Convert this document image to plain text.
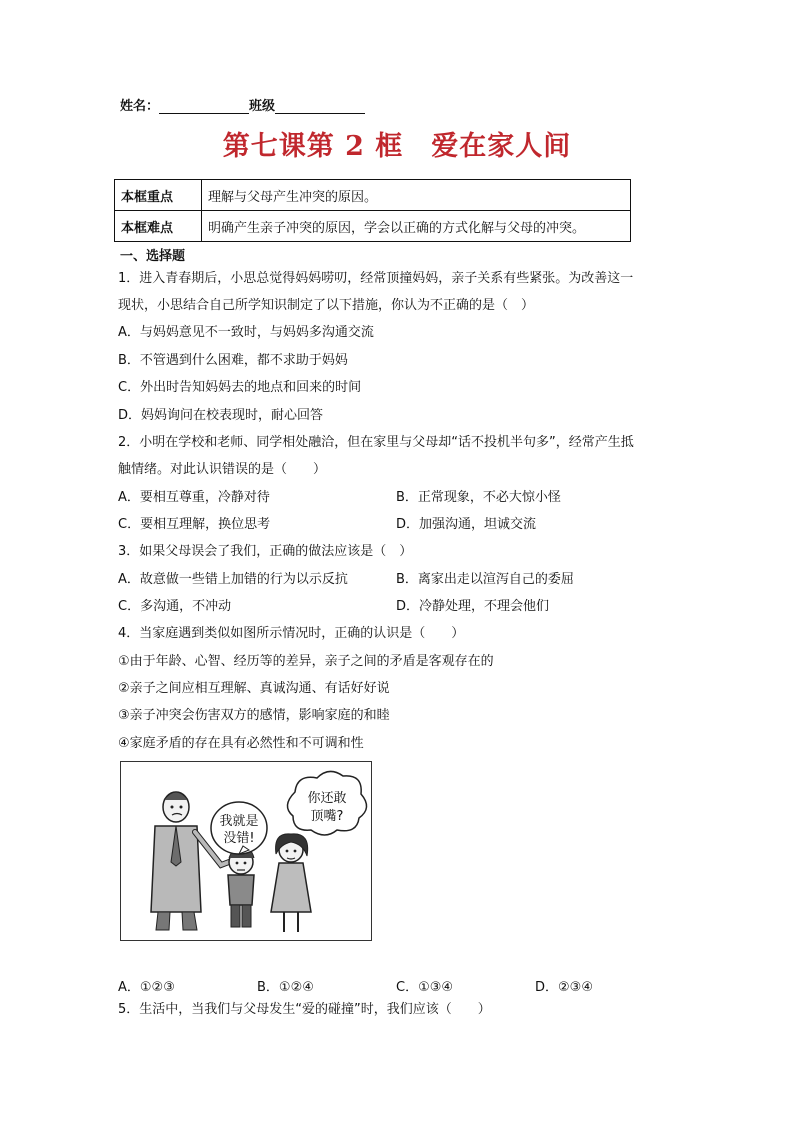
姓名：	班级
第七课第 2 框　爱在家人间
本框重点	理解与父母产生冲突的原因。
本框难点	明确产生亲子冲突的原因，学会以正确的方式化解与父母的冲突。
一、选择题
1．进入青春期后，小思总觉得妈妈唠叨，经常顶撞妈妈，亲子关系有些紧张。为改善这一
现状，小思结合自己所学知识制定了以下措施，你认为不正确的是（　）
A．与妈妈意见不一致时，与妈妈多沟通交流
B．不管遇到什么困难，都不求助于妈妈
C．外出时告知妈妈去的地点和回来的时间
D．妈妈询问在校表现时，耐心回答
2．小明在学校和老师、同学相处融洽，但在家里与父母却“话不投机半句多”，经常产生抵
触情绪。对此认识错误的是（　　）
A．要相互尊重，冷静对待	B．正常现象，不必大惊小怪
C．要相互理解，换位思考	D．加强沟通，坦诚交流
3．如果父母误会了我们，正确的做法应该是（　）
A．故意做一些错上加错的行为以示反抗	B．离家出走以渲泻自己的委屈
C．多沟通，不冲动	D．冷静处理，不理会他们
4．当家庭遇到类似如图所示情况时，正确的认识是（　　）
①由于年龄、心智、经历等的差异，亲子之间的矛盾是客观存在的
②亲子之间应相互理解、真诚沟通、有话好好说
③亲子冲突会伤害双方的感情，影响家庭的和睦
④家庭矛盾的存在具有必然性和不可调和性
我就是
没错!
你还敢
顶嘴?
A．①②③	B．①②④	C．①③④	D．②③④
5．生活中，当我们与父母发生“爱的碰撞”时，我们应该（　　）
